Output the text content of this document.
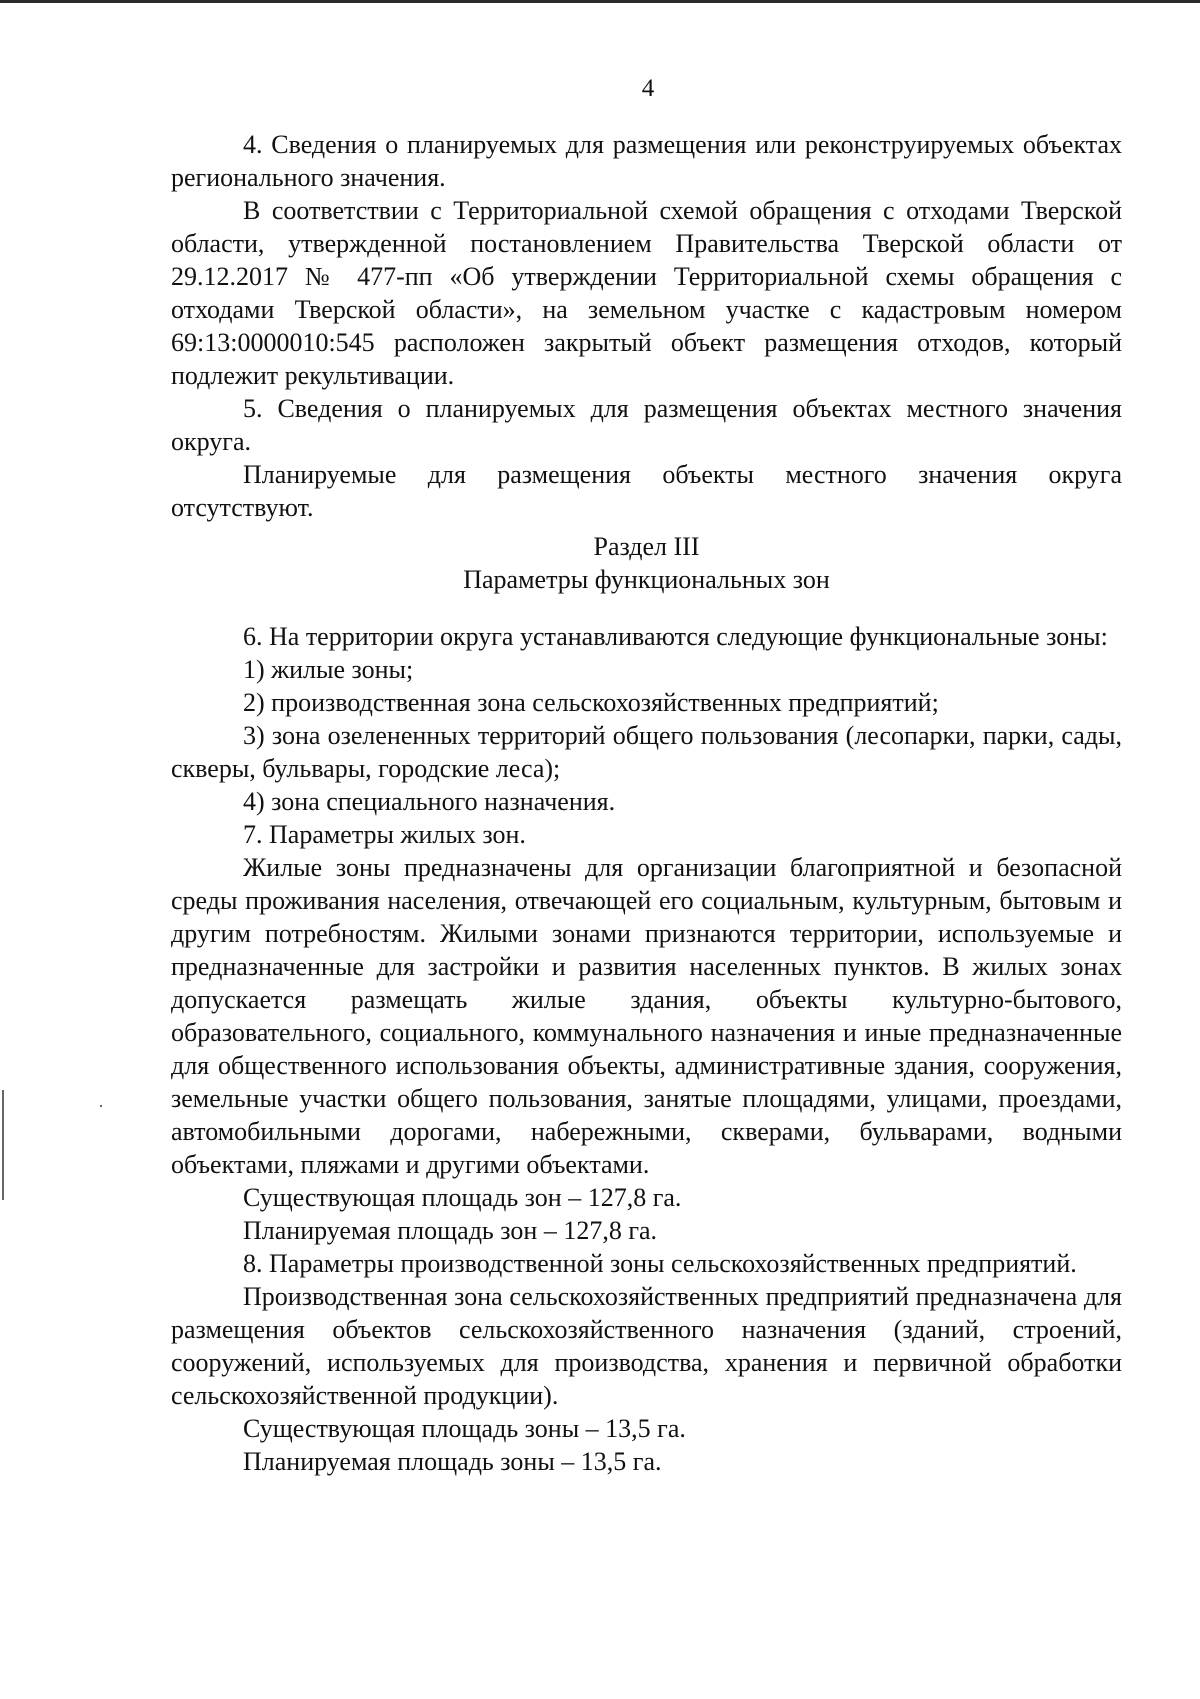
4

4. Сведения о планируемых для размещения или реконструируемых объектах регионального значения.

В соответствии с Территориальной схемой обращения с отходами Тверской области, утвержденной постановлением Правительства Тверской области от 29.12.2017 № 477-пп «Об утверждении Территориальной схемы обращения с отходами Тверской области», на земельном участке с кадастровым номером 69:13:0000010:545 расположен закрытый объект размещения отходов, который подлежит рекультивации.

5. Сведения о планируемых для размещения объектах местного значения округа.

Планируемые для размещения объекты местного значения округа отсутствуют.

Раздел III

Параметры функциональных зон

6. На территории округа устанавливаются следующие функциональные зоны:

1) жилые зоны;

2) производственная зона сельскохозяйственных предприятий;

3) зона озелененных территорий общего пользования (лесопарки, парки, сады, скверы, бульвары, городские леса);

4) зона специального назначения.

7. Параметры жилых зон.

Жилые зоны предназначены для организации благоприятной и безопасной среды проживания населения, отвечающей его социальным, культурным, бытовым и другим потребностям. Жилыми зонами признаются территории, используемые и предназначенные для застройки и развития населенных пунктов. В жилых зонах допускается размещать жилые здания, объекты культурно-бытового, образовательного, социального, коммунального назначения и иные предназначенные для общественного использования объекты, административные здания, сооружения, земельные участки общего пользования, занятые площадями, улицами, проездами, автомобильными дорогами, набережными, скверами, бульварами, водными объектами, пляжами и другими объектами.

Существующая площадь зон – 127,8 га.

Планируемая площадь зон – 127,8 га.

8. Параметры производственной зоны сельскохозяйственных предприятий.

Производственная зона сельскохозяйственных предприятий предназначена для размещения объектов сельскохозяйственного назначения (зданий, строений, сооружений, используемых для производства, хранения и первичной обработки сельскохозяйственной продукции).

Существующая площадь зоны – 13,5 га.

Планируемая площадь зоны – 13,5 га.
